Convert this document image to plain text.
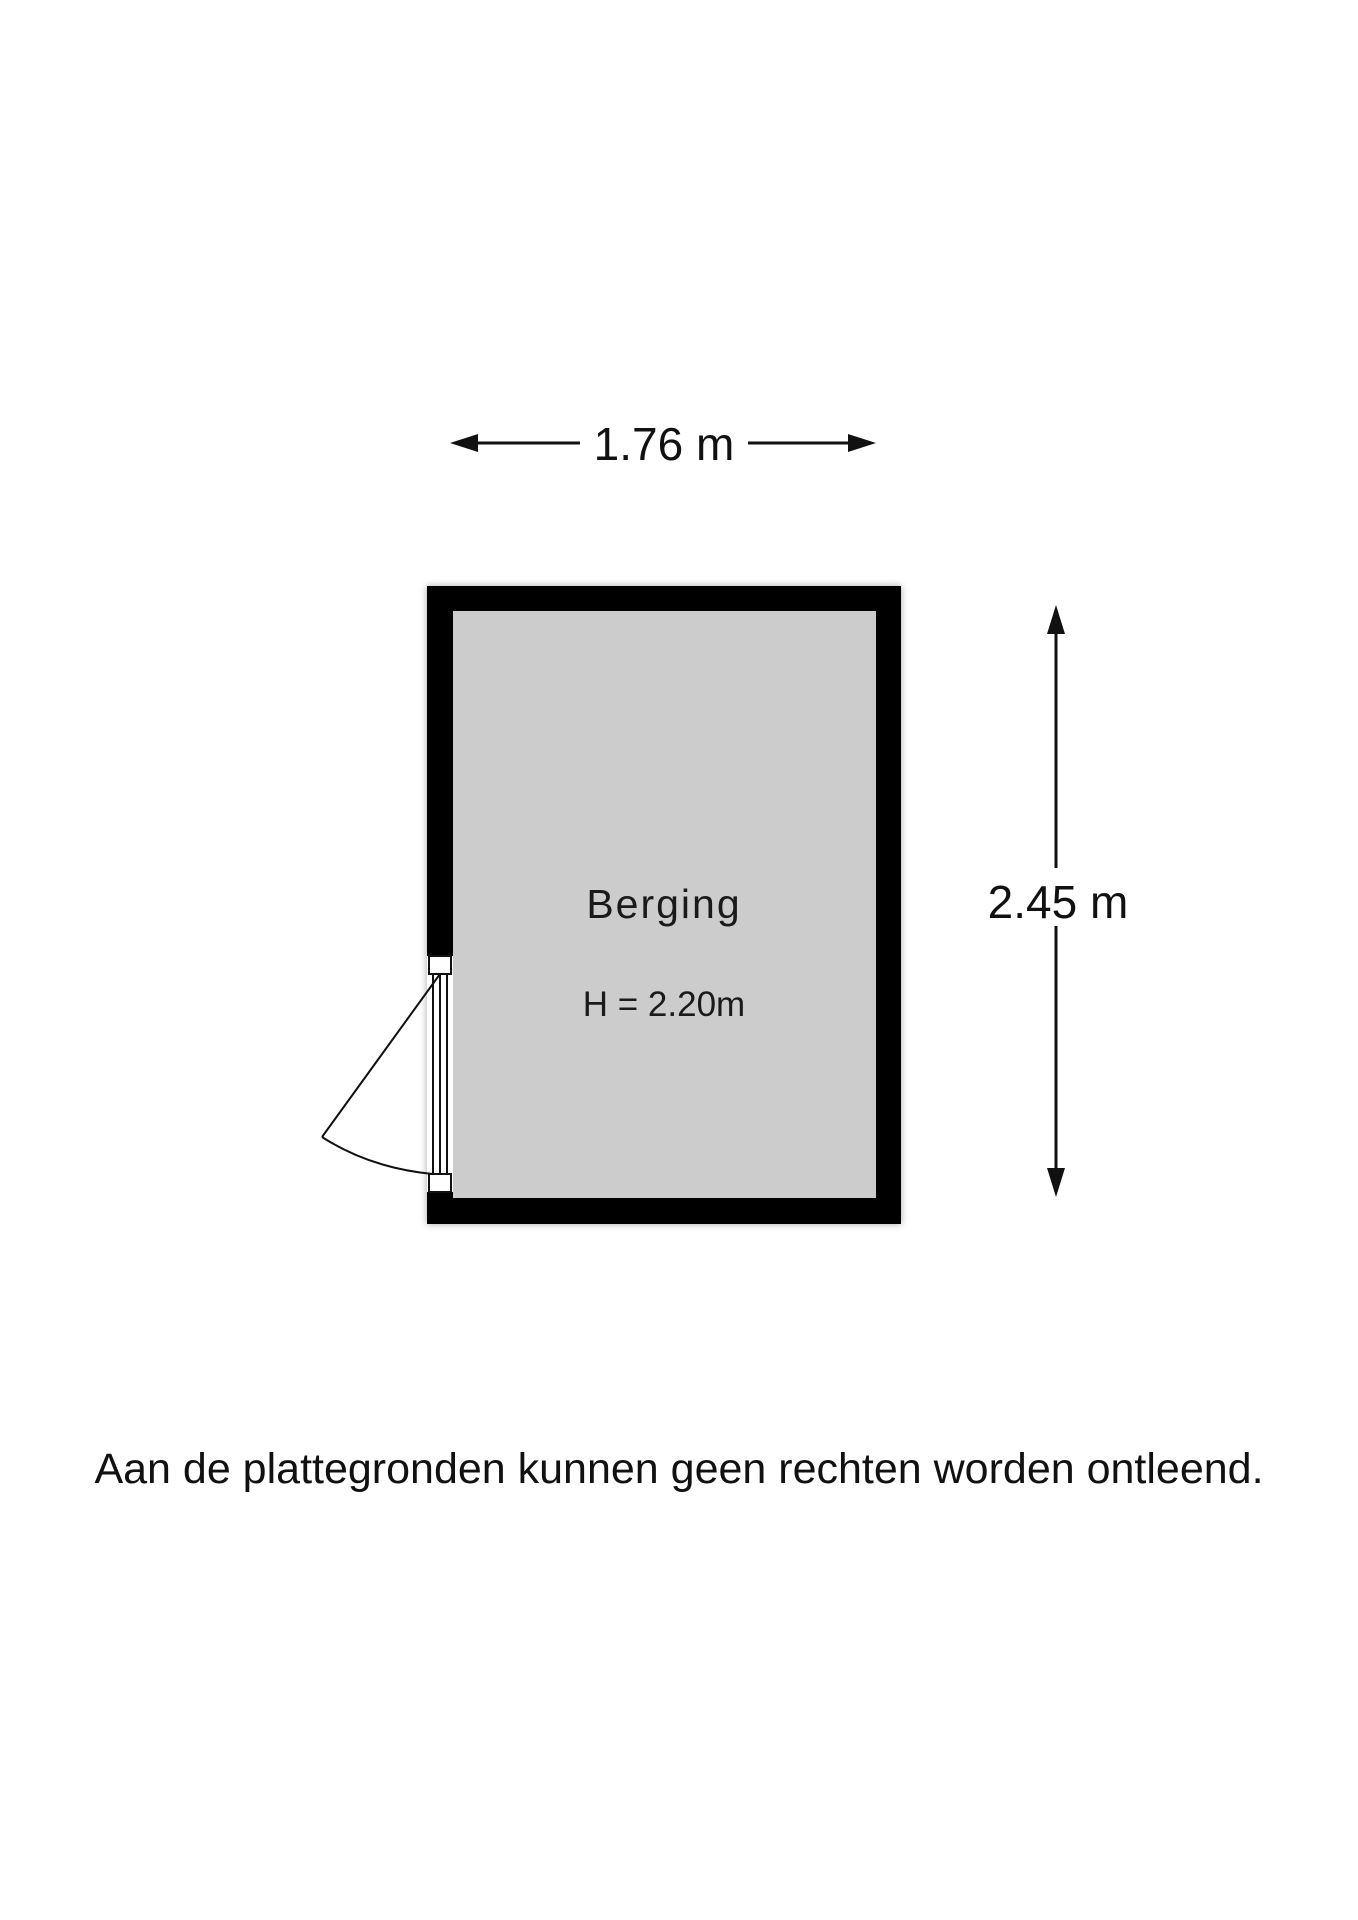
1.76 m
Berging
H = 2.20m
2.45 m
Aan de plattegronden kunnen geen rechten worden ontleend.
